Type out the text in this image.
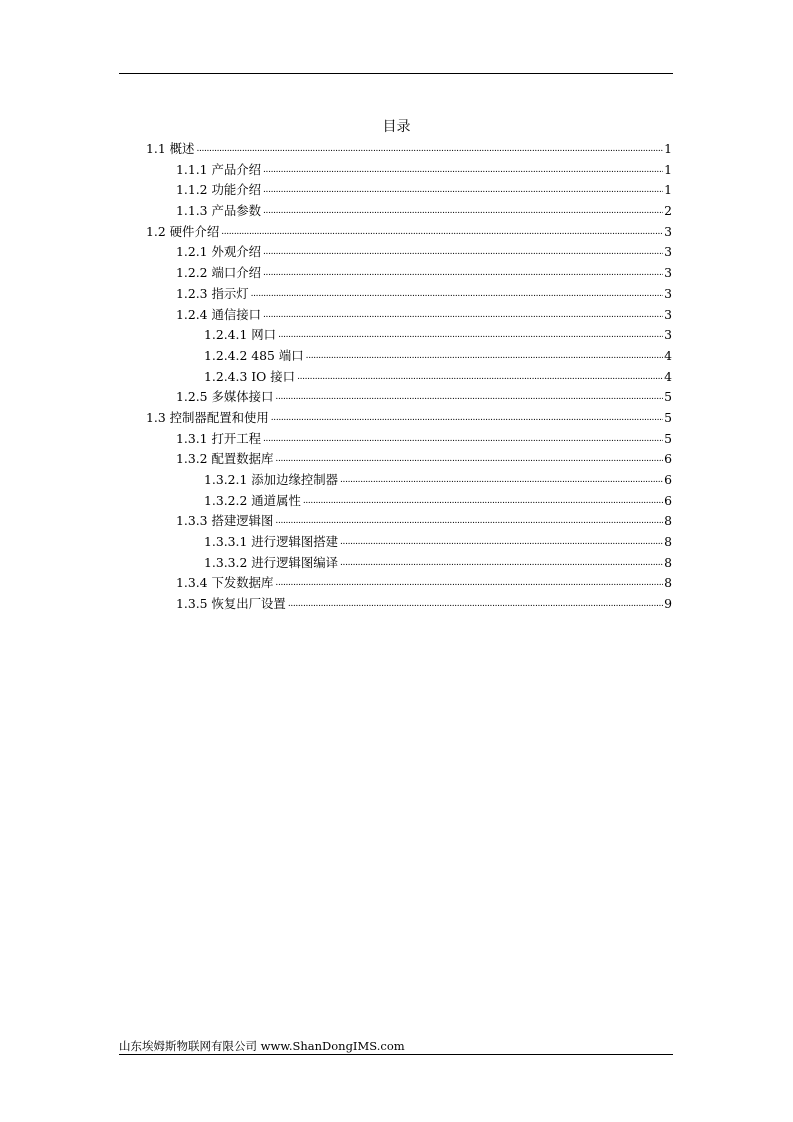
目录
1.1 概述 . . .	1
1.1.1 产品介绍 . . .	1
1.1.2 功能介绍 . . .	1
1.1.3 产品参数 . . .	2
1.2 硬件介绍 . . .	3
1.2.1 外观介绍 . . .	3
1.2.2 端口介绍 . . .	3
1.2.3 指示灯 . . .	3
1.2.4 通信接口 . . .	3
1.2.4.1 网口 . . .	3
1.2.4.2 485 端口 . . .	4
1.2.4.3 IO 接口 . . .	4
1.2.5 多媒体接口 . . .	5
1.3 控制器配置和使用 . . .	5
1.3.1 打开工程 . . .	5
1.3.2 配置数据库 . . .	6
1.3.2.1 添加边缘控制器 . . .	6
1.3.2.2 通道属性 . . .	6
1.3.3 搭建逻辑图 . . .	8
1.3.3.1 进行逻辑图搭建 . . .	8
1.3.3.2 进行逻辑图编译 . . .	8
1.3.4 下发数据库 . . .	8
1.3.5 恢复出厂设置 . . .	9
山东埃姆斯物联网有限公司 www.ShanDongIMS.com
